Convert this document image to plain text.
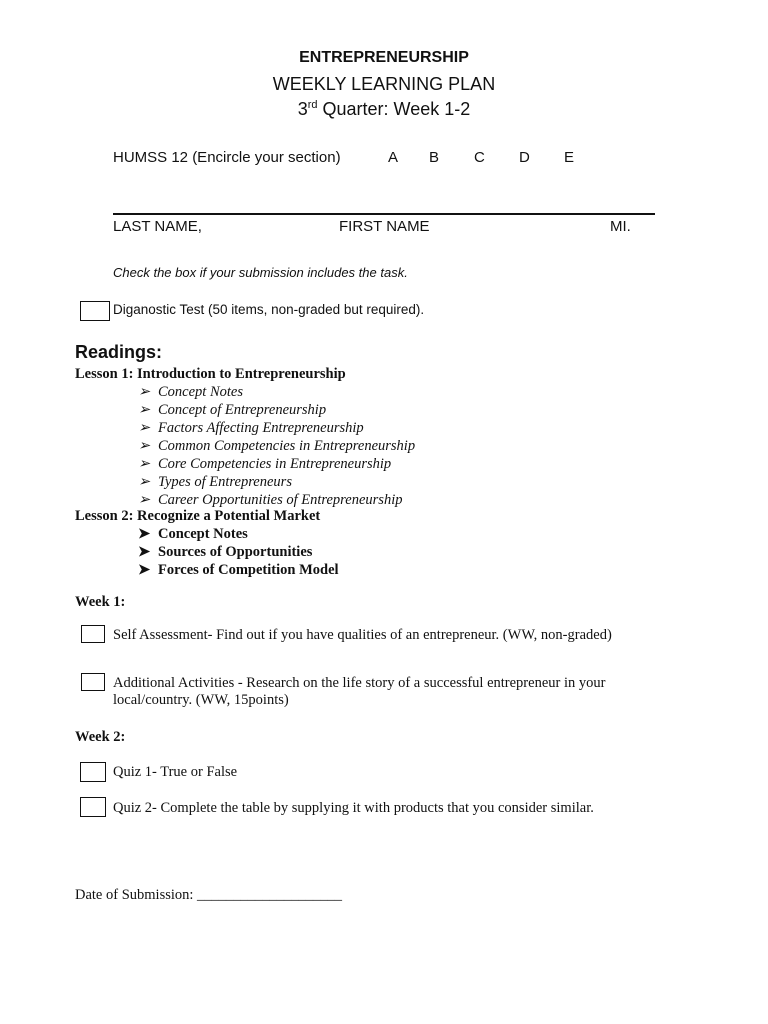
ENTREPRENEURSHIP
WEEKLY LEARNING PLAN
3rd Quarter: Week 1-2
HUMSS 12 (Encircle your section)	A B C D E
LAST NAME,	FIRST NAME	MI.
Check the box if your submission includes the task.
Diganostic Test (50 items, non-graded but required).
Readings:
Lesson 1: Introduction to Entrepreneurship
➢ Concept Notes
➢ Concept of Entrepreneurship
➢ Factors Affecting Entrepreneurship
➢ Common Competencies in Entrepreneurship
➢ Core Competencies in Entrepreneurship
➢ Types of Entrepreneurs
➢ Career Opportunities of Entrepreneurship
Lesson 2: Recognize a Potential Market
➤ Concept Notes
➤ Sources of Opportunities
➤ Forces of Competition Model
Week 1:
Self Assessment- Find out if you have qualities of an entrepreneur. (WW, non-graded)
Additional Activities - Research on the life story of a successful entrepreneur in your
local/country. (WW, 15points)
Week 2:
Quiz 1- True or False
Quiz 2- Complete the table by supplying it with products that you consider similar.
Date of Submission: ____________________
